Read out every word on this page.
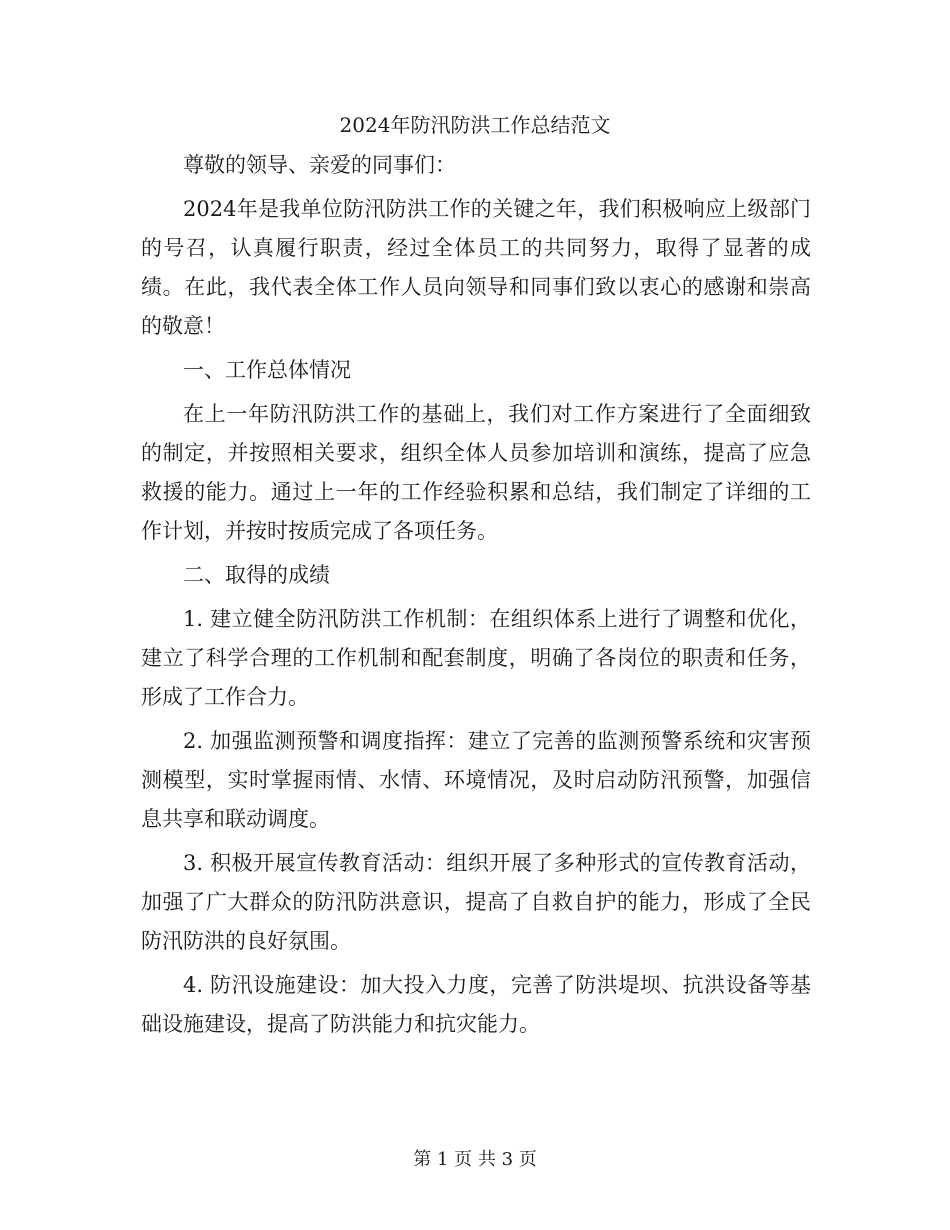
2024年防汛防洪工作总结范文

尊敬的领导、亲爱的同事们：

2024年是我单位防汛防洪工作的关键之年，我们积极响应上级部门的号召，认真履行职责，经过全体员工的共同努力，取得了显著的成绩。在此，我代表全体工作人员向领导和同事们致以衷心的感谢和崇高的敬意！

一、工作总体情况

在上一年防汛防洪工作的基础上，我们对工作方案进行了全面细致的制定，并按照相关要求，组织全体人员参加培训和演练，提高了应急救援的能力。通过上一年的工作经验积累和总结，我们制定了详细的工作计划，并按时按质完成了各项任务。

二、取得的成绩

1. 建立健全防汛防洪工作机制：在组织体系上进行了调整和优化，建立了科学合理的工作机制和配套制度，明确了各岗位的职责和任务，形成了工作合力。

2. 加强监测预警和调度指挥：建立了完善的监测预警系统和灾害预测模型，实时掌握雨情、水情、环境情况，及时启动防汛预警，加强信息共享和联动调度。

3. 积极开展宣传教育活动：组织开展了多种形式的宣传教育活动，加强了广大群众的防汛防洪意识，提高了自救自护的能力，形成了全民防汛防洪的良好氛围。

4. 防汛设施建设：加大投入力度，完善了防洪堤坝、抗洪设备等基础设施建设，提高了防洪能力和抗灾能力。

第 1 页 共 3 页
